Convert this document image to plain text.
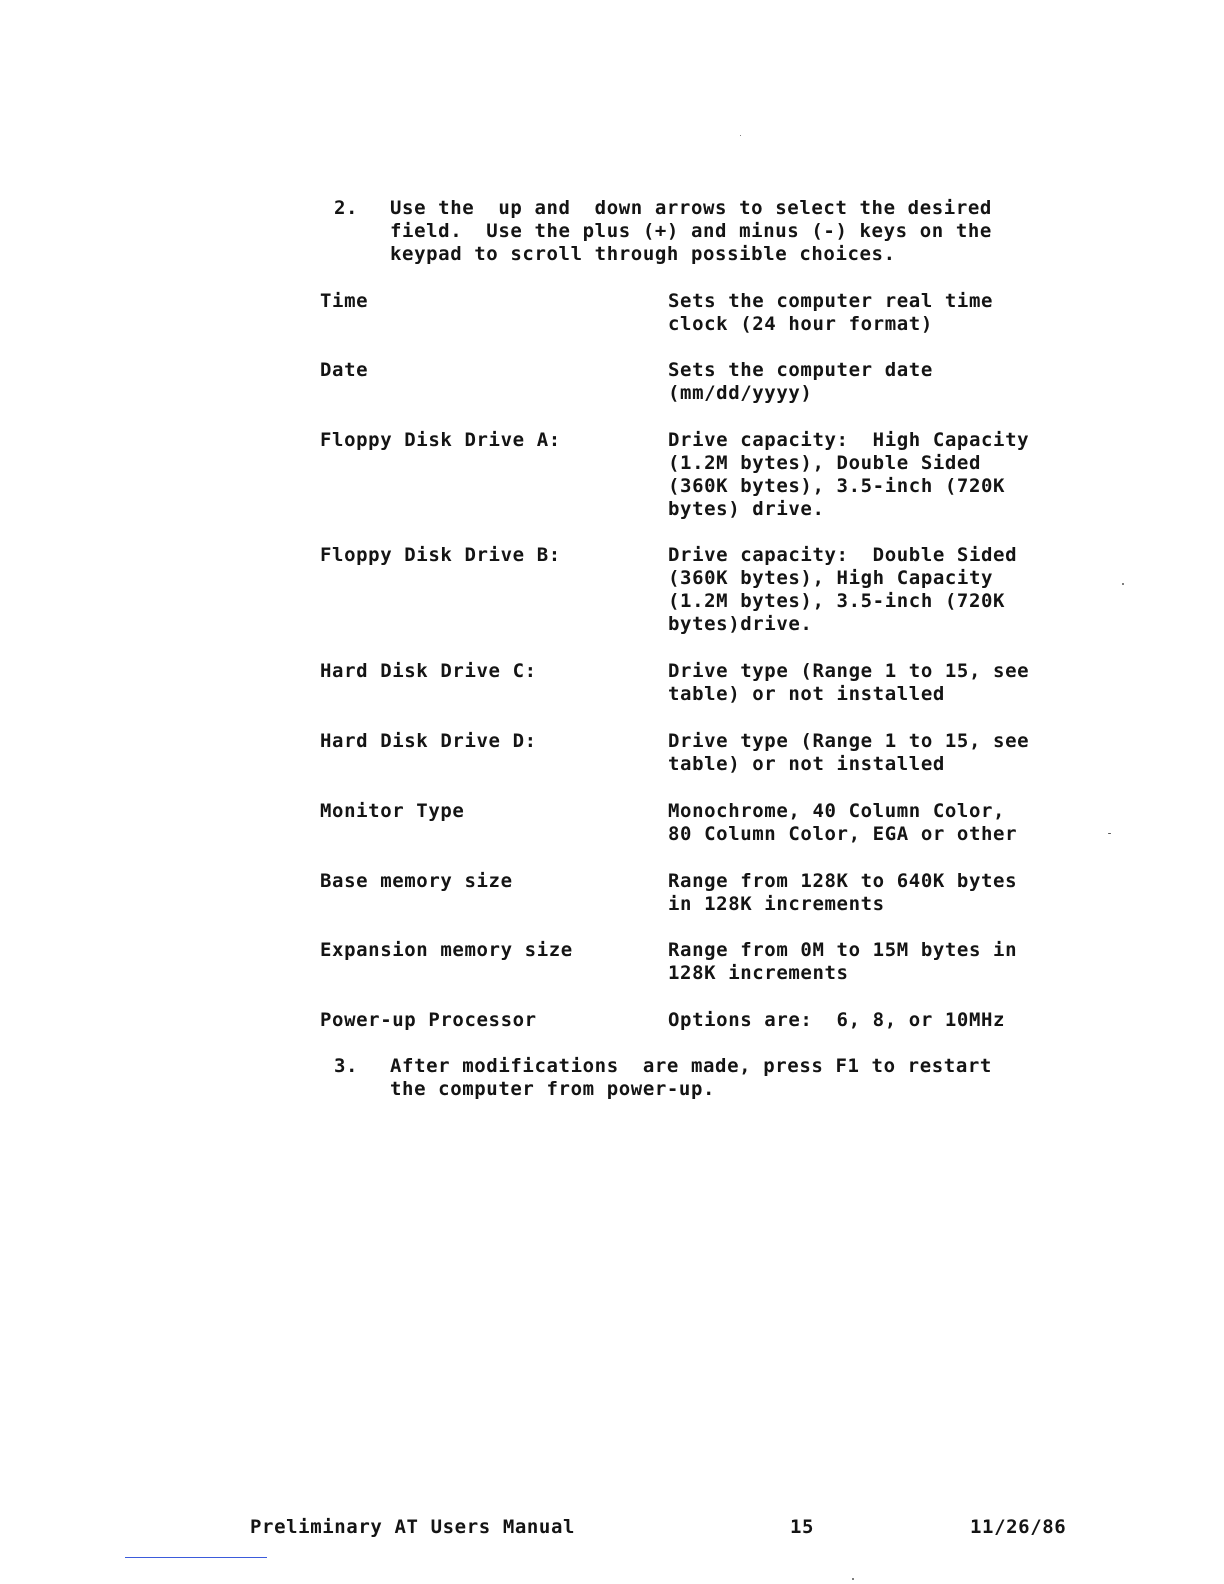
2. Use the  up and  down arrows to select the desired
field.  Use the plus (+) and minus (-) keys on the
keypad to scroll through possible choices.
Time	Sets the computer real time
clock (24 hour format)
Date	Sets the computer date
(mm/dd/yyyy)
Floppy Disk Drive A:	Drive capacity:  High Capacity
(1.2M bytes), Double Sided
(360K bytes), 3.5-inch (720K
bytes) drive.
Floppy Disk Drive B:	Drive capacity:  Double Sided
(360K bytes), High Capacity
(1.2M bytes), 3.5-inch (720K
bytes)drive.
Hard Disk Drive C:	Drive type (Range 1 to 15, see
table) or not installed
Hard Disk Drive D:	Drive type (Range 1 to 15, see
table) or not installed
Monitor Type	Monochrome, 40 Column Color,
80 Column Color, EGA or other
Base memory size	Range from 128K to 640K bytes
in 128K increments
Expansion memory size	Range from 0M to 15M bytes in
128K increments
Power-up Processor	Options are:  6, 8, or 10MHz
3. After modifications  are made, press F1 to restart
the computer from power-up.
Preliminary AT Users Manual	15	11/26/86
